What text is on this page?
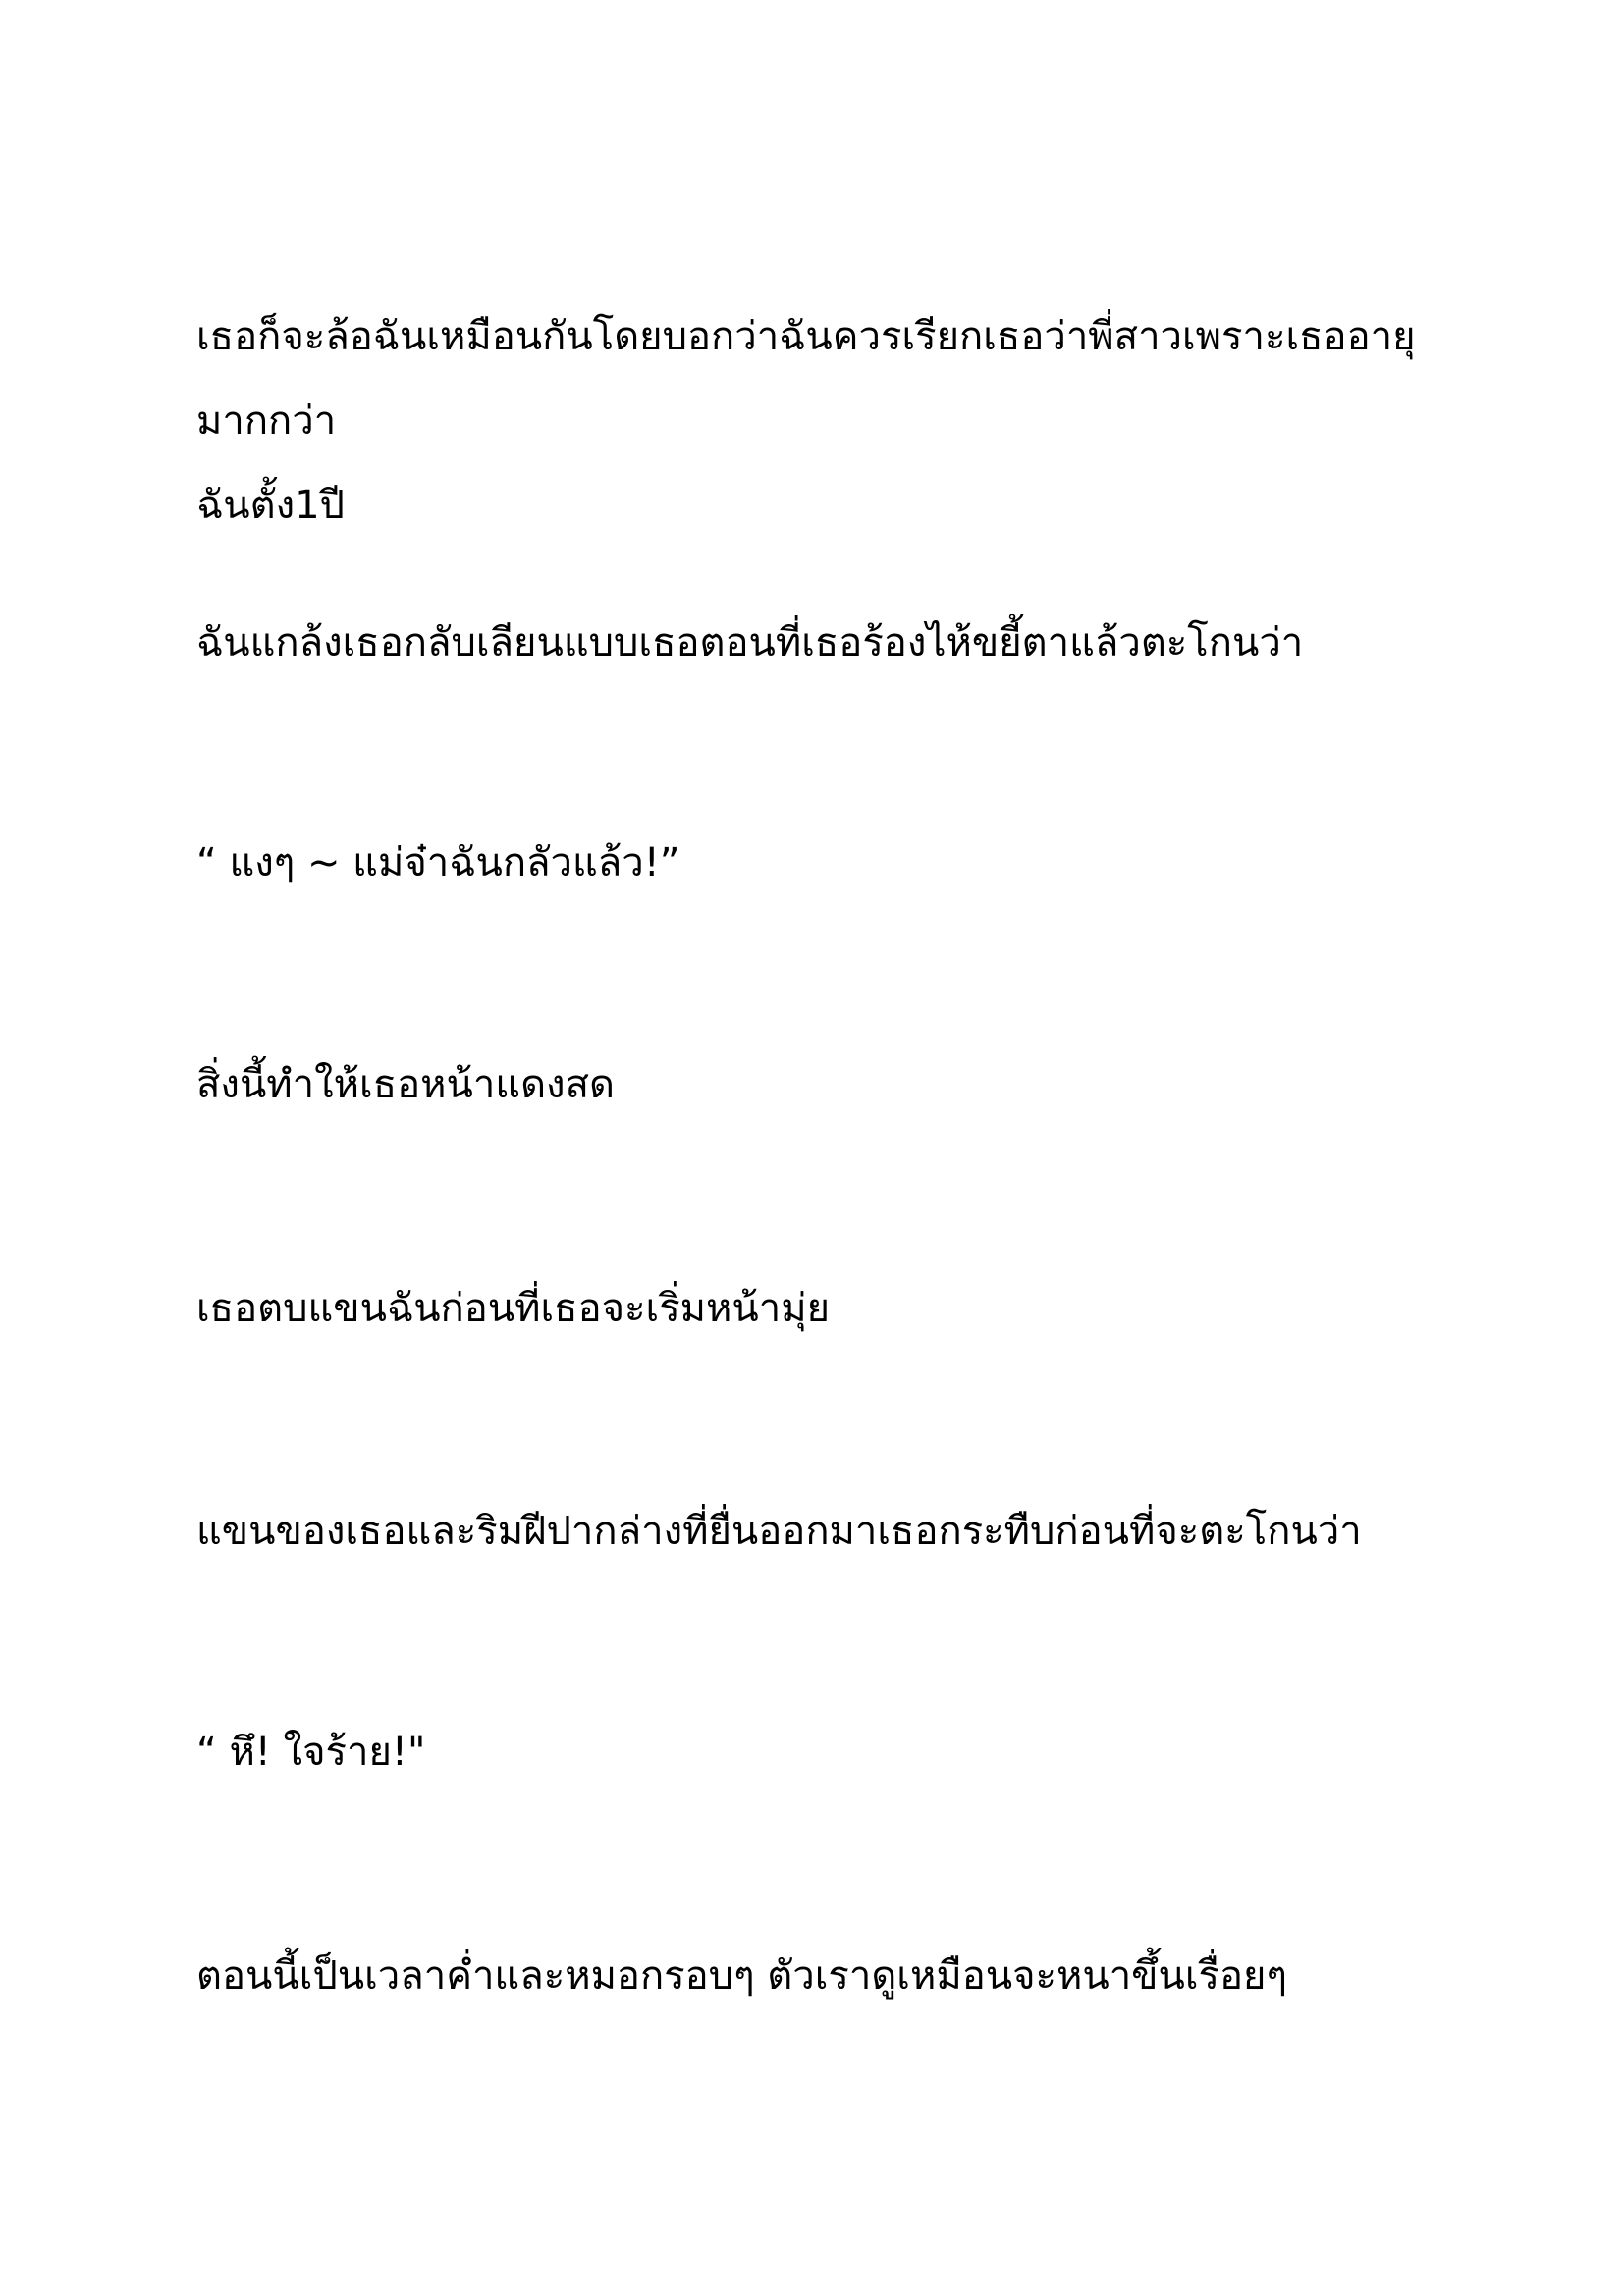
เธอก็จะล้อฉันเหมือนกันโดยบอกว่าฉันควรเรียกเธอว่าพี่สาวเพราะเธออายุมากกว่า
ฉันตั้ง1ปี

ฉันแกล้งเธอกลับเลียนแบบเธอตอนที่เธอร้องไห้ขยี้ตาแล้วตะโกนว่า

“ แงๆ ~ แม่จ๋าฉันกลัวแล้ว!”

สิ่งนี้ทำให้เธอหน้าแดงสด

เธอตบแขนฉันก่อนที่เธอจะเริ่มหน้ามุ่ย

แขนของเธอและริมฝีปากล่างที่ยื่นออกมาเธอกระทืบก่อนที่จะตะโกนว่า

“ หึ! ใจร้าย!"

ตอนนี้เป็นเวลาค่ำและหมอกรอบๆ ตัวเราดูเหมือนจะหนาขึ้นเรื่อยๆ
